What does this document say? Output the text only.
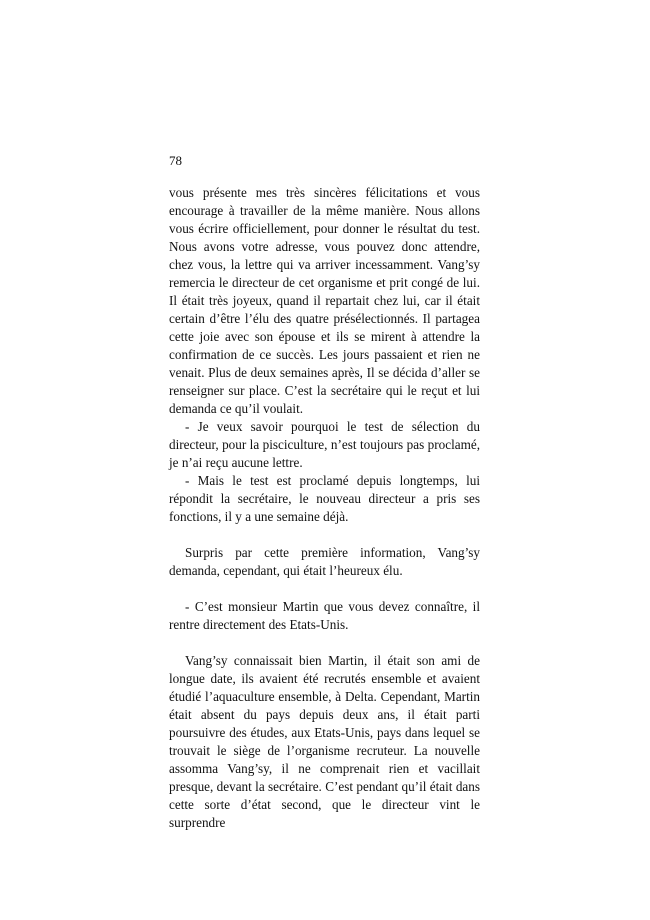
78

vous présente mes très sincères félicitations et vous encourage à travailler de la même manière. Nous allons vous écrire officiellement, pour donner le résultat du test. Nous avons votre adresse, vous pouvez donc attendre, chez vous, la lettre qui va arriver incessamment. Vang’sy remercia le directeur de cet organisme et prit congé de lui. Il était très joyeux, quand il repartait chez lui, car il était certain d’être l’élu des quatre présélectionnés. Il partagea cette joie avec son épouse et ils se mirent à attendre la confirmation de ce succès. Les jours passaient et rien ne venait. Plus de deux semaines après, Il se décida d’aller se renseigner sur place. C’est la secrétaire qui le reçut et lui demanda ce qu’il voulait.

- Je veux savoir pourquoi le test de sélection du directeur, pour la pisciculture, n’est toujours pas proclamé, je n’ai reçu aucune lettre.

- Mais le test est proclamé depuis longtemps, lui répondit la secrétaire, le nouveau directeur a pris ses fonctions, il y a une semaine déjà.

Surpris par cette première information, Vang’sy demanda, cependant, qui était l’heureux élu.

- C’est monsieur Martin que vous devez connaître, il rentre directement des Etats-Unis.

Vang’sy connaissait bien Martin, il était son ami de longue date, ils avaient été recrutés ensemble et avaient étudié l’aquaculture ensemble, à Delta. Cependant, Martin était absent du pays depuis deux ans, il était parti poursuivre des études, aux Etats-Unis, pays dans lequel se trouvait le siège de l’organisme recruteur. La nouvelle assomma Vang’sy, il ne comprenait rien et vacillait presque, devant la secrétaire. C’est pendant qu’il était dans cette sorte d’état second, que le directeur vint le surprendre
